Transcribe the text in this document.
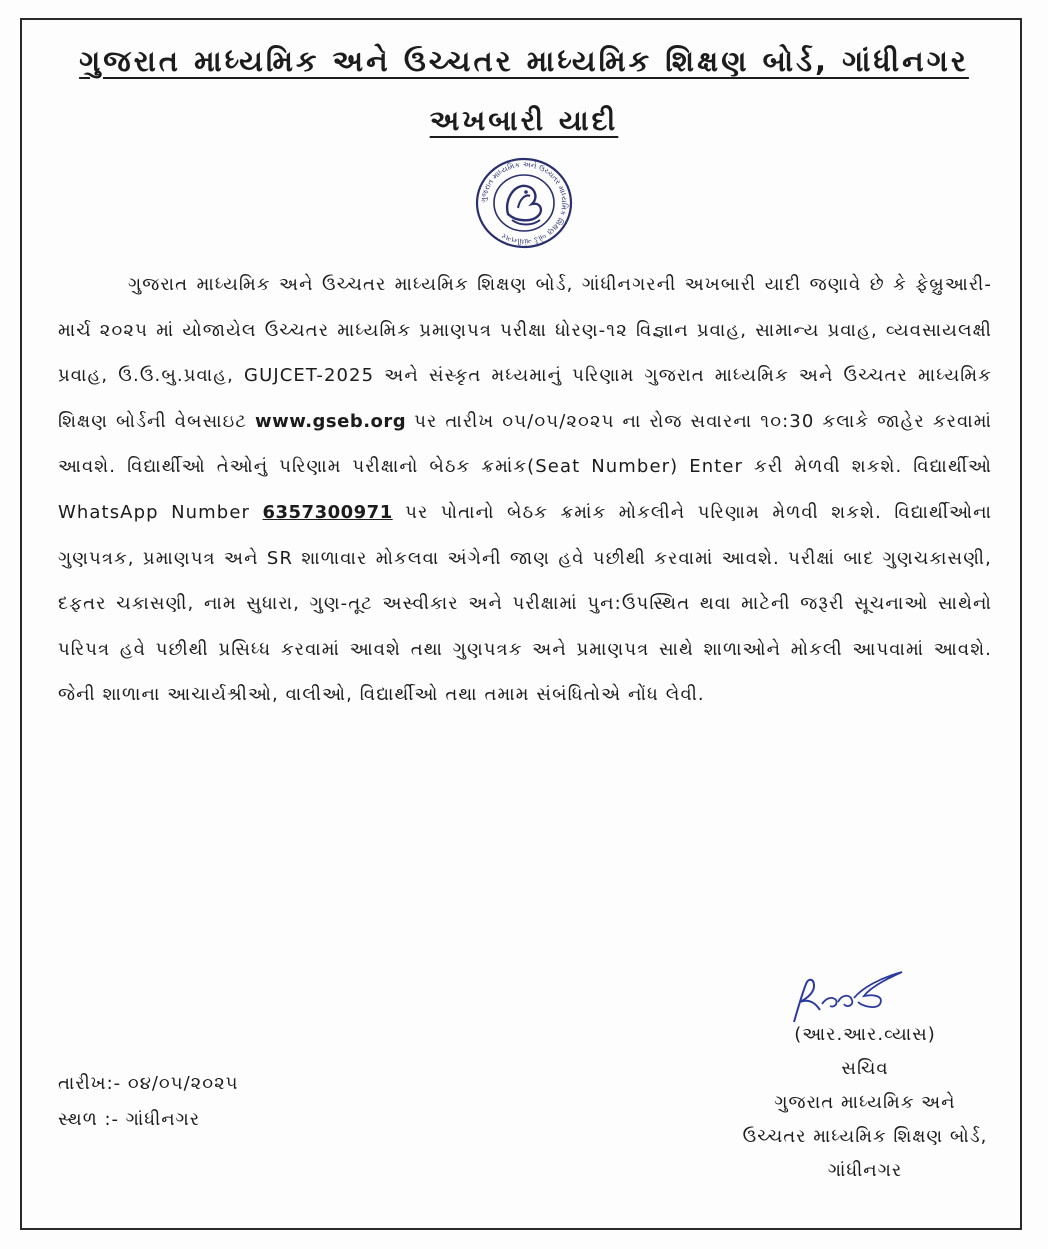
ગુજરાત માધ્યમિક અને ઉચ્ચતર માધ્યમિક શિક્ષણ બોર્ડ, ગાંધીનગર
અખબારી યાદી
ગુજરાત માધ્યમિક અને ઉચ્ચતર માધ્યમિક શિક્ષણ બોર્ડ ગાંધીનગર
ગુજરાત માધ્યમિક અને ઉચ્ચતર માધ્યમિક શિક્ષણ બોર્ડ, ગાંધીનગરની અખબારી યાદી જણાવે છે કે ફેબ્રુઆરી-માર્ચ ૨૦૨૫ માં યોજાયેલ ઉચ્ચતર માધ્યમિક પ્રમાણપત્ર પરીક્ષા ધોરણ-૧૨ વિજ્ઞાન પ્રવાહ, સામાન્ય પ્રવાહ, વ્યવસાયલક્ષી પ્રવાહ, ઉ.ઉ.બુ.પ્રવાહ, GUJCET-2025 અને સંસ્કૃત મધ્યમાનું પરિણામ ગુજરાત માધ્યમિક અને ઉચ્ચતર માધ્યમિક શિક્ષણ બોર્ડની વેબસાઇટ www.gseb.org પર તારીખ ૦૫/૦૫/૨૦૨૫ ના રોજ સવારના ૧૦:30 કલાકે જાહેર કરવામાં આવશે. વિદ્યાર્થીઓ તેઓનું પરિણામ પરીક્ષાનો બેઠક ક્રમાંક(Seat Number) Enter કરી મેળવી શકશે. વિદ્યાર્થીઓ WhatsApp Number 6357300971 પર પોતાનો બેઠક ક્રમાંક મોકલીને પરિણામ મેળવી શકશે. વિદ્યાર્થીઓના ગુણપત્રક, પ્રમાણપત્ર અને SR શાળાવાર મોકલવા અંગેની જાણ હવે પછીથી કરવામાં આવશે. પરીક્ષાં બાદ ગુણચકાસણી, દફતર ચકાસણી, નામ સુધારા, ગુણ-તૂટ અસ્વીકાર અને પરીક્ષામાં પુન:ઉપસ્થિત થવા માટેની જરૂરી સૂચનાઓ સાથેનો પરિપત્ર હવે પછીથી પ્રસિધ્ધ કરવામાં આવશે તથા ગુણપત્રક અને પ્રમાણપત્ર સાથે શાળાઓને મોકલી આપવામાં આવશે. જેની શાળાના આચાર્યશ્રીઓ, વાલીઓ, વિદ્યાર્થીઓ તથા તમામ સંબંધિતોએ નોંધ લેવી.
(આર.આર.વ્યાસ)
સચિવ
ગુજરાત માધ્યમિક અને
ઉચ્ચતર માધ્યમિક શિક્ષણ બોર્ડ,
ગાંધીનગર
તારીખ:- ૦૪/૦૫/૨૦૨૫
સ્થળ :- ગાંધીનગર
